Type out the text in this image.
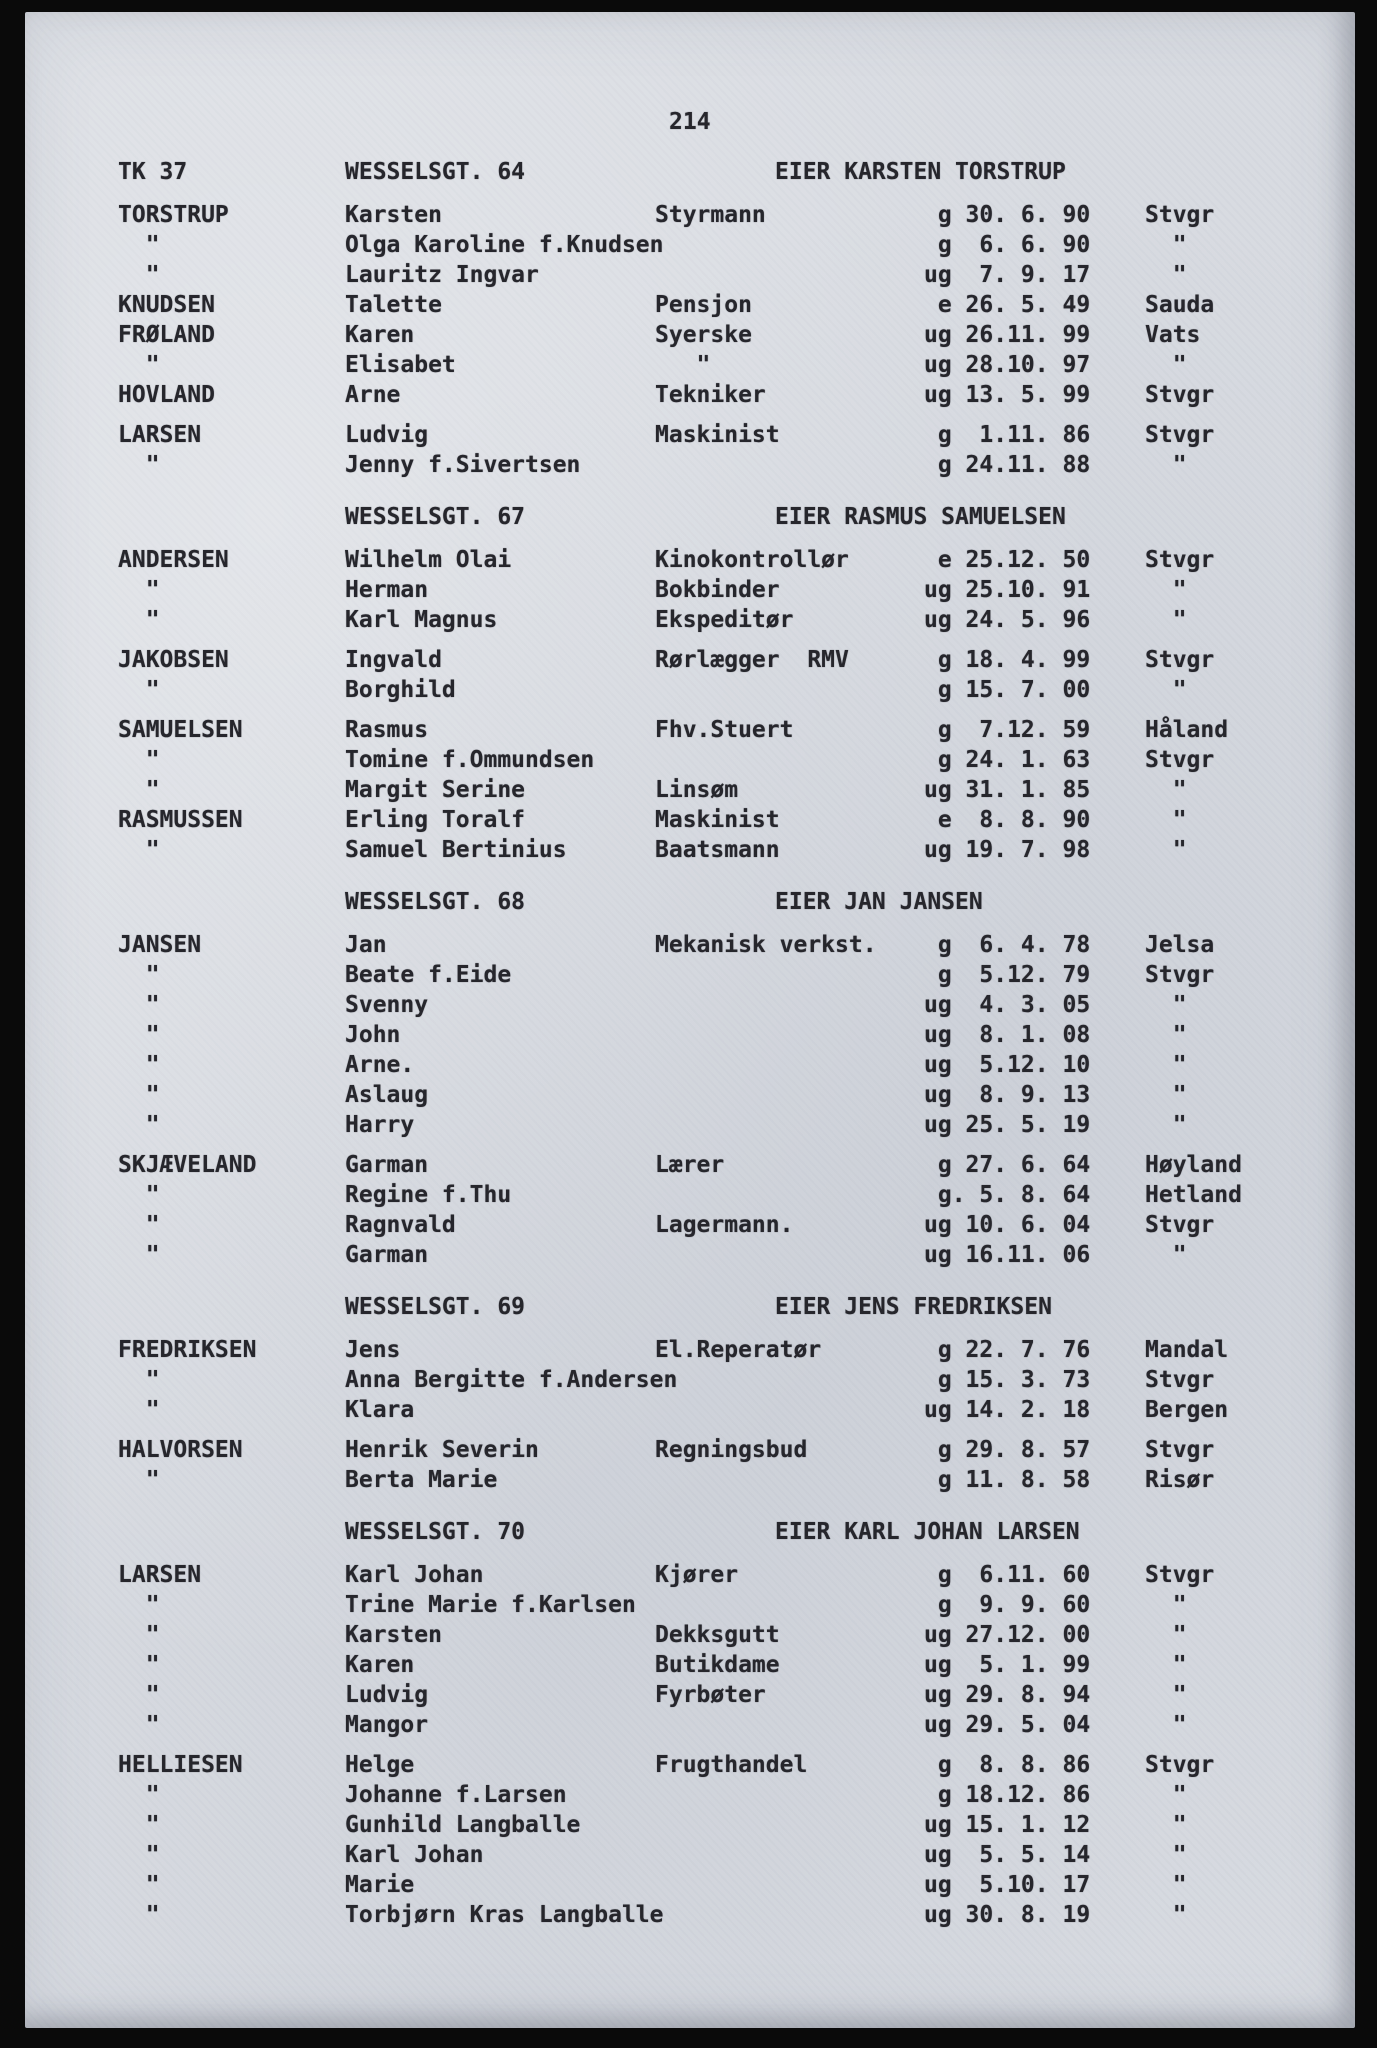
214
TK 37	WESSELSGT. 64	EIER KARSTEN TORSTRUP
TORSTRUP	Karsten	Styrmann	g 30. 6. 90	Stvgr
"	Olga Karoline f.Knudsen	g  6. 6. 90	"
"	Lauritz Ingvar	ug  7. 9. 17	"
KNUDSEN	Talette	Pensjon	e 26. 5. 49	Sauda
FRØLAND	Karen	Syerske	ug 26.11. 99	Vats
"	Elisabet	"	ug 28.10. 97	"
HOVLAND	Arne	Tekniker	ug 13. 5. 99	Stvgr
LARSEN	Ludvig	Maskinist	g  1.11. 86	Stvgr
"	Jenny f.Sivertsen	g 24.11. 88	"
WESSELSGT. 67	EIER RASMUS SAMUELSEN
ANDERSEN	Wilhelm Olai	Kinokontrollør	e 25.12. 50	Stvgr
"	Herman	Bokbinder	ug 25.10. 91	"
"	Karl Magnus	Ekspeditør	ug 24. 5. 96	"
JAKOBSEN	Ingvald	Rørlægger  RMV	g 18. 4. 99	Stvgr
"	Borghild	g 15. 7. 00	"
SAMUELSEN	Rasmus	Fhv.Stuert	g  7.12. 59	Håland
"	Tomine f.Ommundsen	g 24. 1. 63	Stvgr
"	Margit Serine	Linsøm	ug 31. 1. 85	"
RASMUSSEN	Erling Toralf	Maskinist	e  8. 8. 90	"
"	Samuel Bertinius	Baatsmann	ug 19. 7. 98	"
WESSELSGT. 68	EIER JAN JANSEN
JANSEN	Jan	Mekanisk verkst.	g  6. 4. 78	Jelsa
"	Beate f.Eide	g  5.12. 79	Stvgr
"	Svenny	ug  4. 3. 05	"
"	John	ug  8. 1. 08	"
"	Arne.	ug  5.12. 10	"
"	Aslaug	ug  8. 9. 13	"
"	Harry	ug 25. 5. 19	"
SKJÆVELAND	Garman	Lærer	g 27. 6. 64	Høyland
"	Regine f.Thu	g. 5. 8. 64	Hetland
"	Ragnvald	Lagermann.	ug 10. 6. 04	Stvgr
"	Garman	ug 16.11. 06	"
WESSELSGT. 69	EIER JENS FREDRIKSEN
FREDRIKSEN	Jens	El.Reperatør	g 22. 7. 76	Mandal
"	Anna Bergitte f.Andersen	g 15. 3. 73	Stvgr
"	Klara	ug 14. 2. 18	Bergen
HALVORSEN	Henrik Severin	Regningsbud	g 29. 8. 57	Stvgr
"	Berta Marie	g 11. 8. 58	Risør
WESSELSGT. 70	EIER KARL JOHAN LARSEN
LARSEN	Karl Johan	Kjører	g  6.11. 60	Stvgr
"	Trine Marie f.Karlsen	g  9. 9. 60	"
"	Karsten	Dekksgutt	ug 27.12. 00	"
"	Karen	Butikdame	ug  5. 1. 99	"
"	Ludvig	Fyrbøter	ug 29. 8. 94	"
"	Mangor	ug 29. 5. 04	"
HELLIESEN	Helge	Frugthandel	g  8. 8. 86	Stvgr
"	Johanne f.Larsen	g 18.12. 86	"
"	Gunhild Langballe	ug 15. 1. 12	"
"	Karl Johan	ug  5. 5. 14	"
"	Marie	ug  5.10. 17	"
"	Torbjørn Kras Langballe	ug 30. 8. 19	"
